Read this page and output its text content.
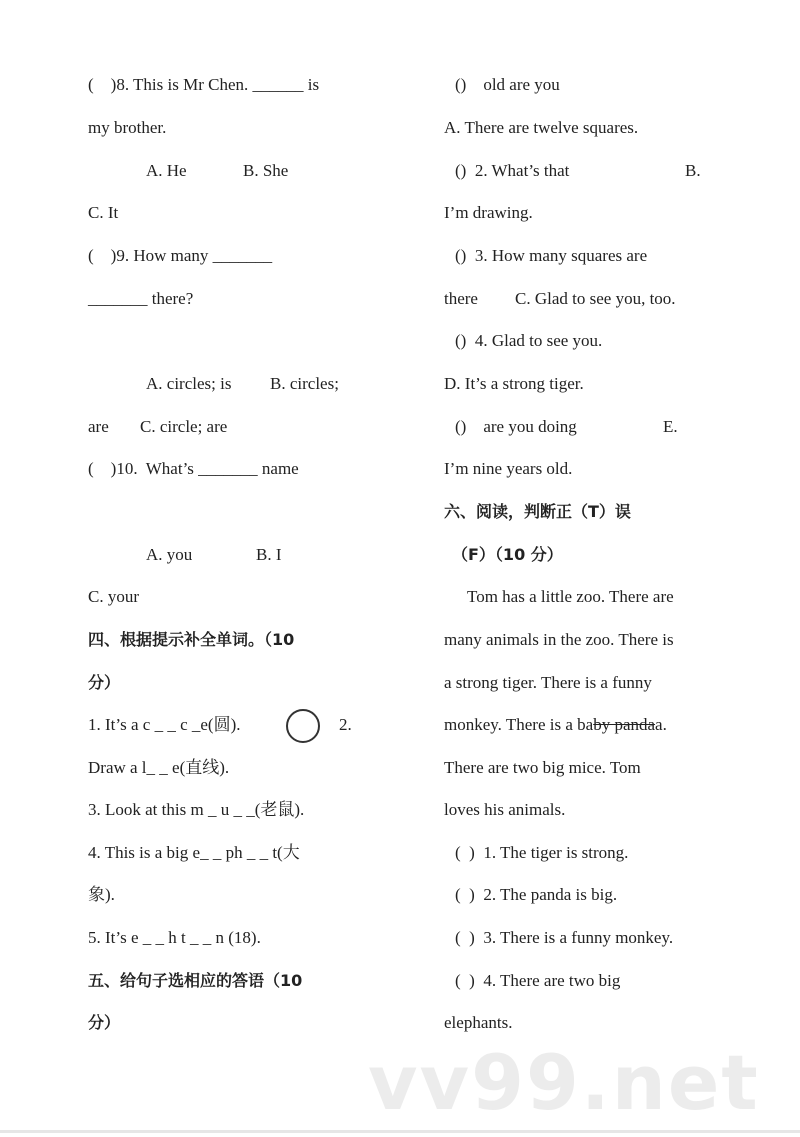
vv99.net
(    )8. This is Mr Chen. ______ is
my brother.
A. He	B. She
C. It
(    )9. How many _______
_______ there?
A. circles; is B. circles;
are C. circle; are
(    )10.  What’s _______ name
A. you	B. I
C. your
四、根据提示补全单词。（10
分）
1. It’s a c _ _ c _e(圆).	2.
Draw a l_ _ e(直线).
3. Look at this m _ u _ _(老鼠).
4. This is a big e_ _ ph _ _ t(大
象).
5. It’s e _ _ h t _ _ n (18).
五、给句子选相应的答语（10
分）
()    old are you
A. There are twelve squares.
()  2. What’s that	B.
I’m drawing.
()  3. How many squares are
there C. Glad to see you, too.
()  4. Glad to see you.
D. It’s a strong tiger.
()    are you doing	E.
I’m nine years old.
六、阅读，判断正（T）误
（F）（10 分）
Tom has a little zoo. There are
many animals in the zoo. There is
a strong tiger. There is a funny
monkey. There is a baby pandaa.
There are two big mice. Tom
loves his animals.
(  )  1. The tiger is strong.
(  )  2. The panda is big.
(  )  3. There is a funny monkey.
(  )  4. There are two big
elephants.
